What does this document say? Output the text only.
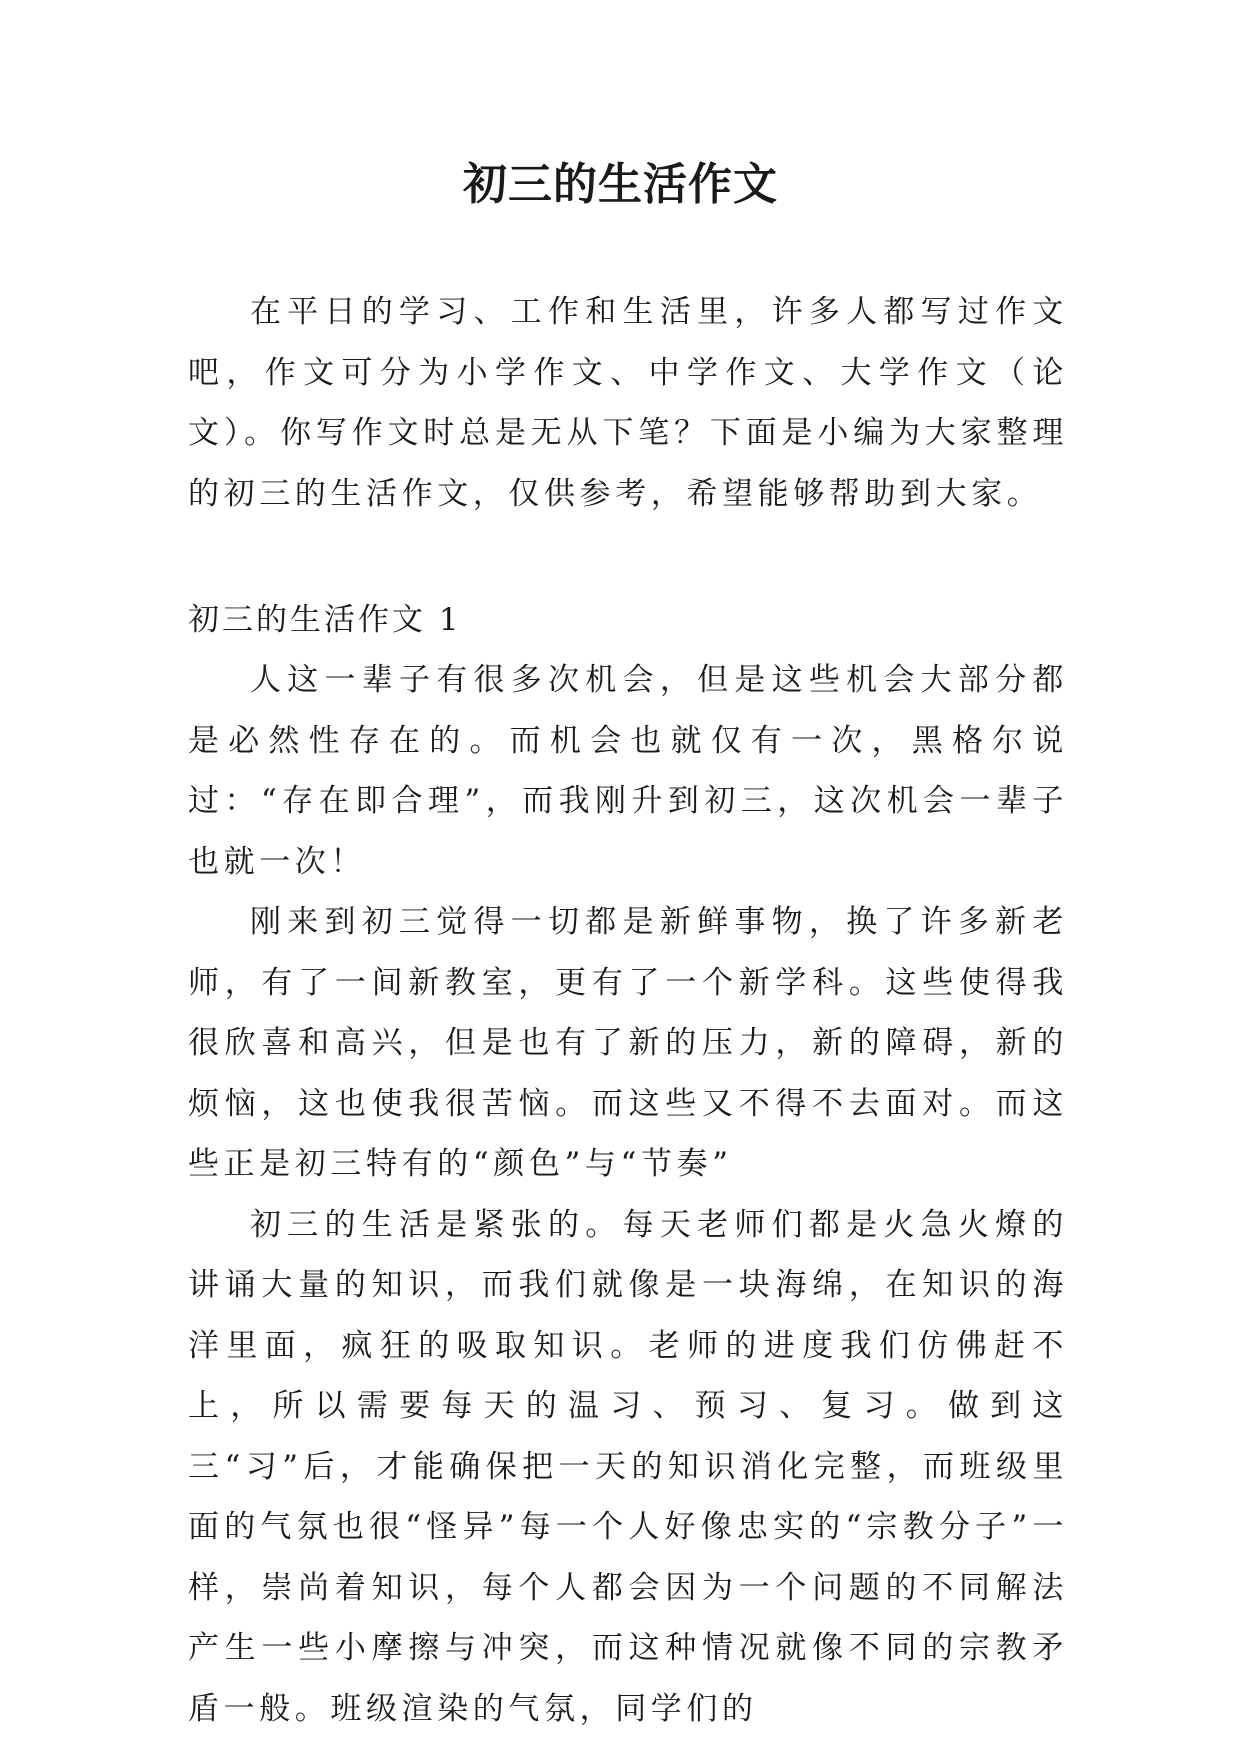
初三的生活作文

在平日的学习、工作和生活里，许多人都写过作文吧，作文可分为小学作文、中学作文、大学作文（论文）。你写作文时总是无从下笔？下面是小编为大家整理的初三的生活作文，仅供参考，希望能够帮助到大家。

初三的生活作文 1

人这一辈子有很多次机会，但是这些机会大部分都是必然性存在的。而机会也就仅有一次，黑格尔说过：“存在即合理”，而我刚升到初三，这次机会一辈子也就一次！

刚来到初三觉得一切都是新鲜事物，换了许多新老师，有了一间新教室，更有了一个新学科。这些使得我很欣喜和高兴，但是也有了新的压力，新的障碍，新的烦恼，这也使我很苦恼。而这些又不得不去面对。而这些正是初三特有的“颜色”与“节奏”

初三的生活是紧张的。每天老师们都是火急火燎的讲诵大量的知识，而我们就像是一块海绵，在知识的海洋里面，疯狂的吸取知识。老师的进度我们仿佛赶不上，所以需要每天的温习、预习、复习。做到这三“习”后，才能确保把一天的知识消化完整，而班级里面的气氛也很“怪异”每一个人好像忠实的“宗教分子”一样，崇尚着知识，每个人都会因为一个问题的不同解法产生一些小摩擦与冲突，而这种情况就像不同的宗教矛盾一般。班级渲染的气氛，同学们的
